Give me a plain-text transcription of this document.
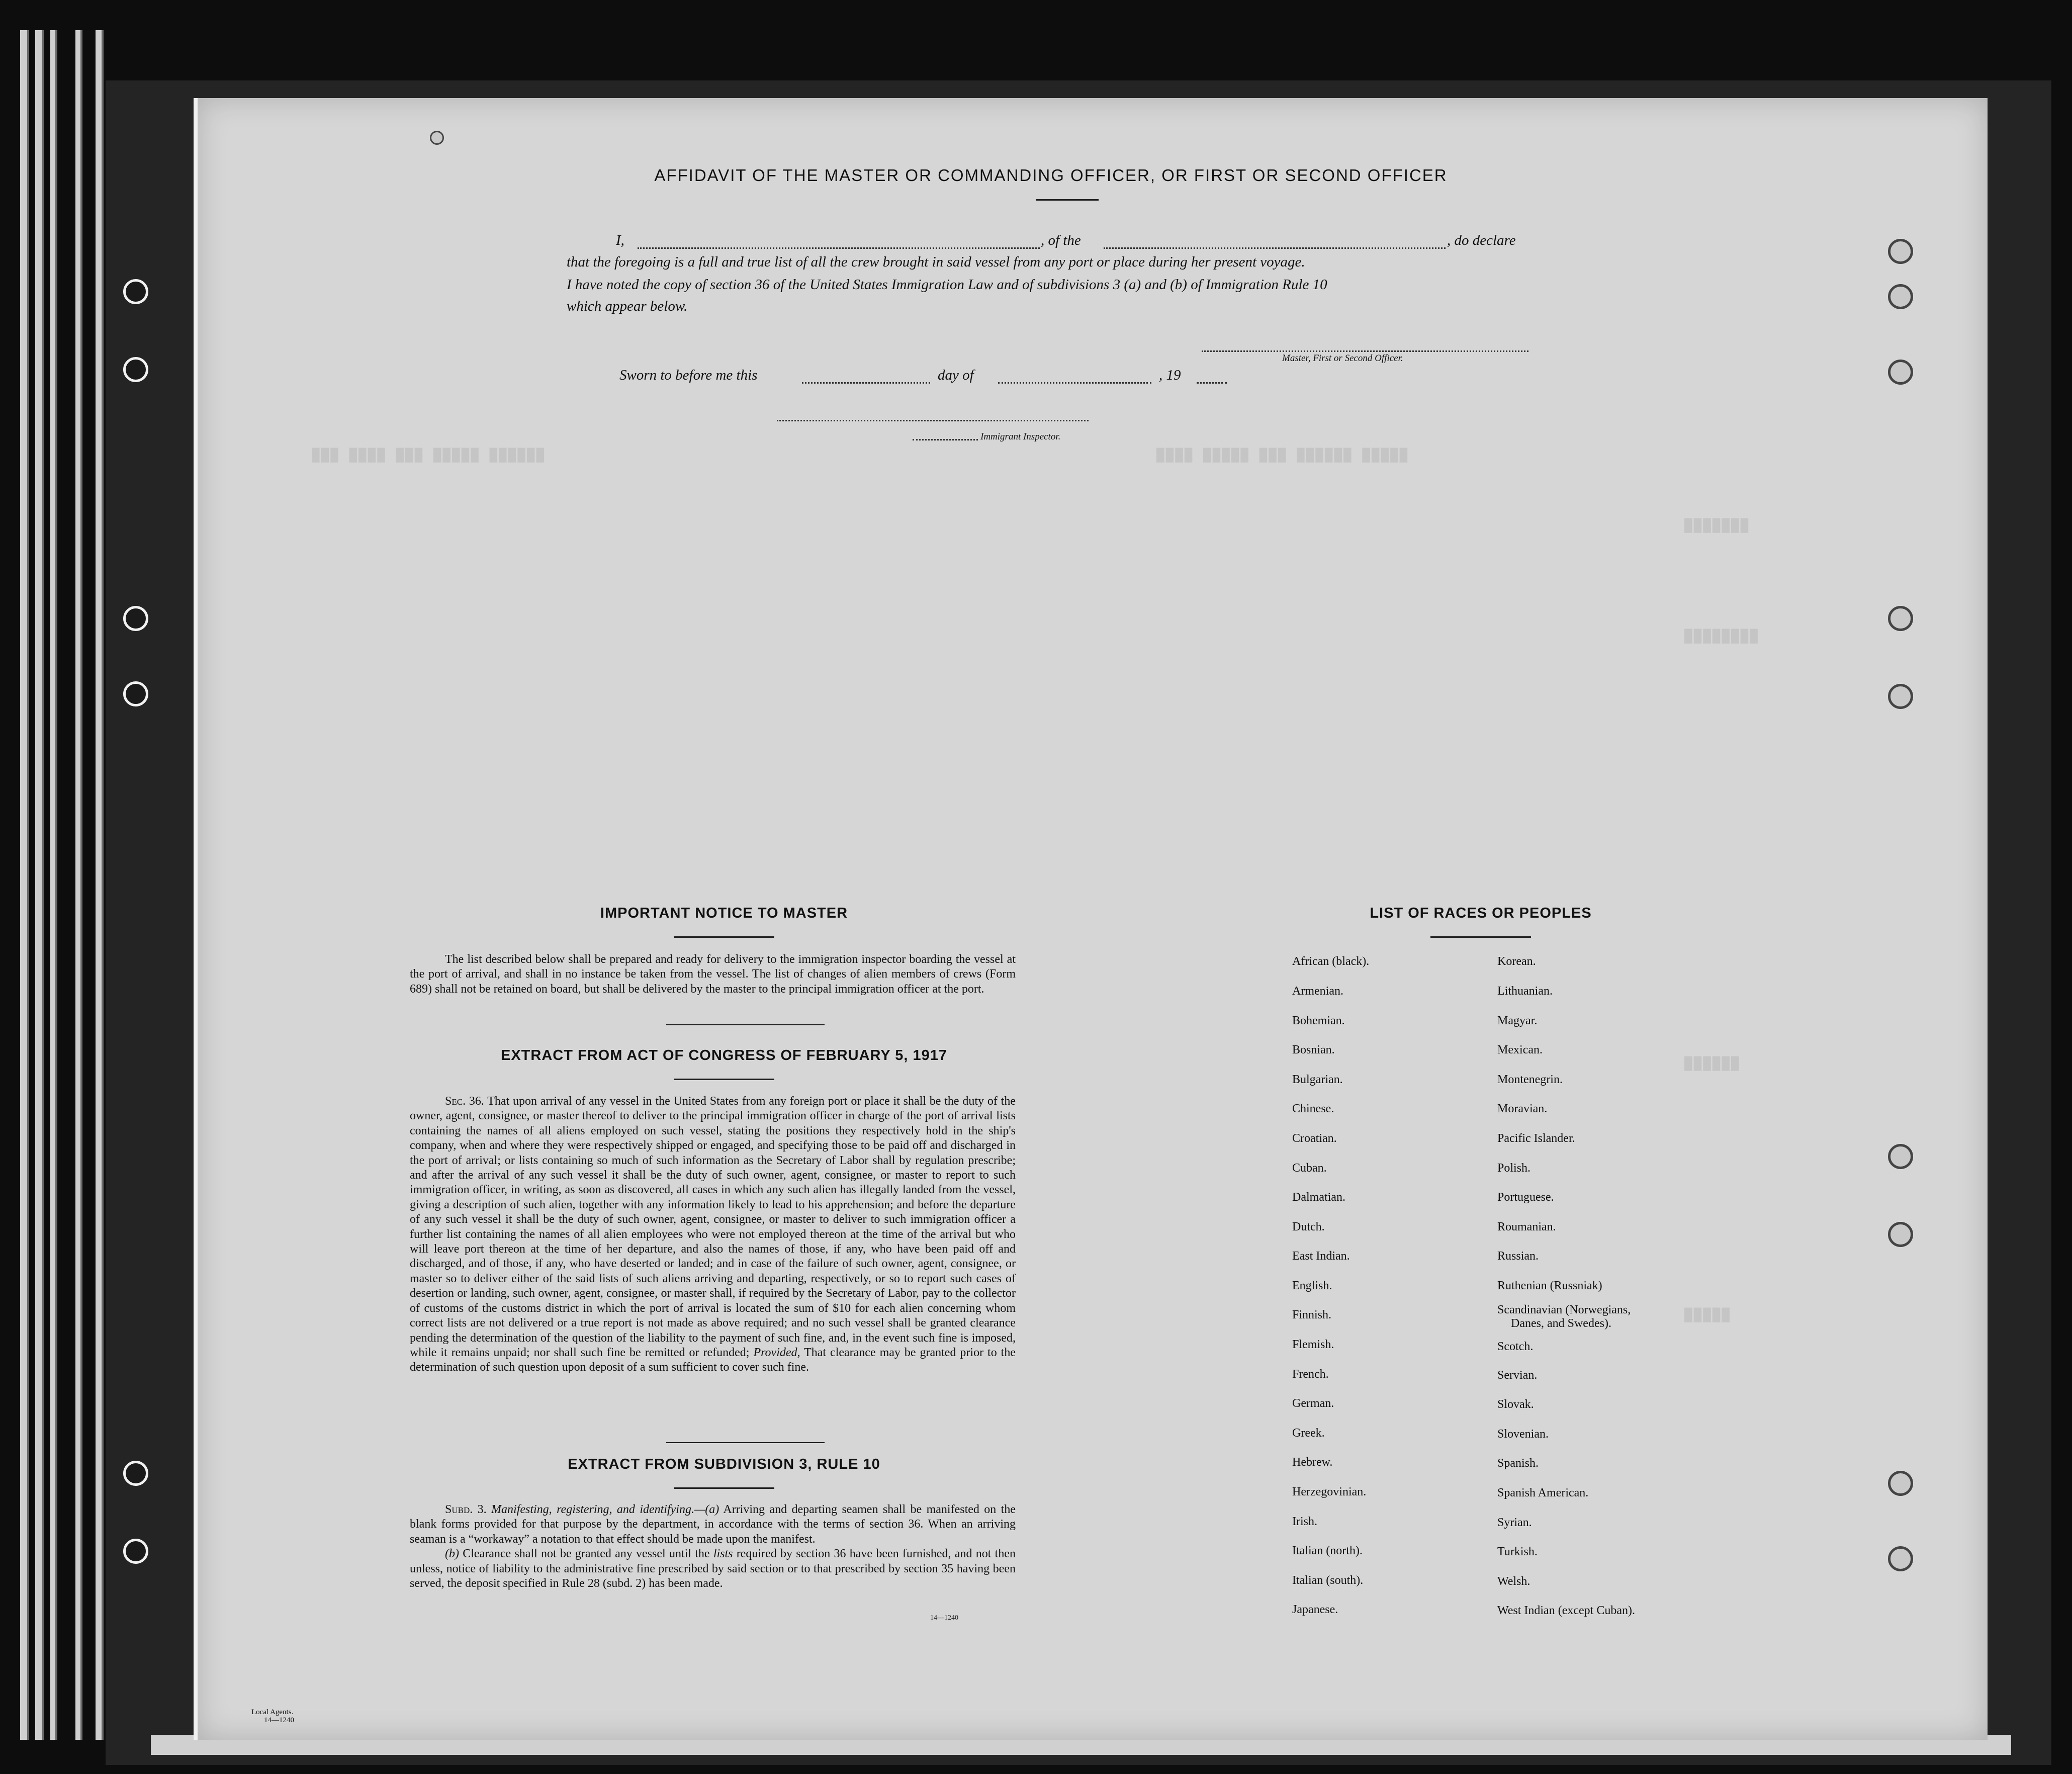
███ ████ ███ █████ ██████	████ █████ ███ ██████ █████
███████
████████
██████
█████
AFFIDAVIT OF THE MASTER OR COMMANDING OFFICER, OR FIRST OR SECOND OFFICER
I,	, of the	, do declare
that the foregoing is a full and true list of all the crew brought in said vessel from any port or place during her present voyage.
I have noted the copy of section 36 of the United States Immigration Law and of subdivisions 3 (a) and (b) of Immigration Rule 10
which appear below.
Master, First or Second Officer.
Sworn to before me this	day of	, 19
Immigrant Inspector.
IMPORTANT NOTICE TO MASTER

The list described below shall be prepared and ready for delivery to the immigration inspector boarding the vessel at the port of arrival, and shall in no instance be taken from the vessel. The list of changes of alien members of crews (Form 689) shall not be retained on board, but shall be delivered by the master to the principal immigration officer at the port.

EXTRACT FROM ACT OF CONGRESS OF FEBRUARY 5, 1917

Sec. 36. That upon arrival of any vessel in the United States from any foreign port or place it shall be the duty of the owner, agent, consignee, or master thereof to deliver to the principal immigration officer in charge of the port of arrival lists containing the names of all aliens employed on such vessel, stating the positions they respectively hold in the ship's company, when and where they were respectively shipped or engaged, and specifying those to be paid off and discharged in the port of arrival; or lists containing so much of such information as the Secretary of Labor shall by regulation prescribe; and after the arrival of any such vessel it shall be the duty of such owner, agent, consignee, or master to report to such immigration officer, in writing, as soon as discovered, all cases in which any such alien has illegally landed from the vessel, giving a description of such alien, together with any information likely to lead to his apprehension; and before the departure of any such vessel it shall be the duty of such owner, agent, consignee, or master to deliver to such immigration officer a further list containing the names of all alien employees who were not employed thereon at the time of the arrival but who will leave port thereon at the time of her departure, and also the names of those, if any, who have been paid off and discharged, and of those, if any, who have deserted or landed; and in case of the failure of such owner, agent, consignee, or master so to deliver either of the said lists of such aliens arriving and departing, respectively, or so to report such cases of desertion or landing, such owner, agent, consignee, or master shall, if required by the Secretary of Labor, pay to the collector of customs of the customs district in which the port of arrival is located the sum of $10 for each alien concerning whom correct lists are not delivered or a true report is not made as above required; and no such vessel shall be granted clearance pending the determination of the question of the liability to the payment of such fine, and, in the event such fine is imposed, while it remains unpaid; nor shall such fine be remitted or refunded; Provided, That clearance may be granted prior to the determination of such question upon deposit of a sum sufficient to cover such fine.

EXTRACT FROM SUBDIVISION 3, RULE 10

Subd. 3. Manifesting, registering, and identifying.—(a) Arriving and departing seamen shall be manifested on the blank forms provided for that purpose by the department, in accordance with the terms of section 36. When an arriving seaman is a “workaway” a notation to that effect should be made upon the manifest.

(b) Clearance shall not be granted any vessel until the lists required by section 36 have been furnished, and not then unless, notice of liability to the administrative fine prescribed by said section or to that prescribed by section 35 having been served, the deposit specified in Rule 28 (subd. 2) has been made.

14—1240
LIST OF RACES OR PEOPLES
African (black).
Armenian.
Bohemian.
Bosnian.
Bulgarian.
Chinese.
Croatian.
Cuban.
Dalmatian.
Dutch.
East Indian.
English.
Finnish.
Flemish.
French.
German.
Greek.
Hebrew.
Herzegovinian.
Irish.
Italian (north).
Italian (south).
Japanese.
Korean.
Lithuanian.
Magyar.
Mexican.
Montenegrin.
Moravian.
Pacific Islander.
Polish.
Portuguese.
Roumanian.
Russian.
Ruthenian (Russniak)
Scandinavian (Norwegians,
Danes, and Swedes).
Scotch.
Servian.
Slovak.
Slovenian.
Spanish.
Spanish American.
Syrian.
Turkish.
Welsh.
West Indian (except Cuban).
Local Agents.
14—1240
